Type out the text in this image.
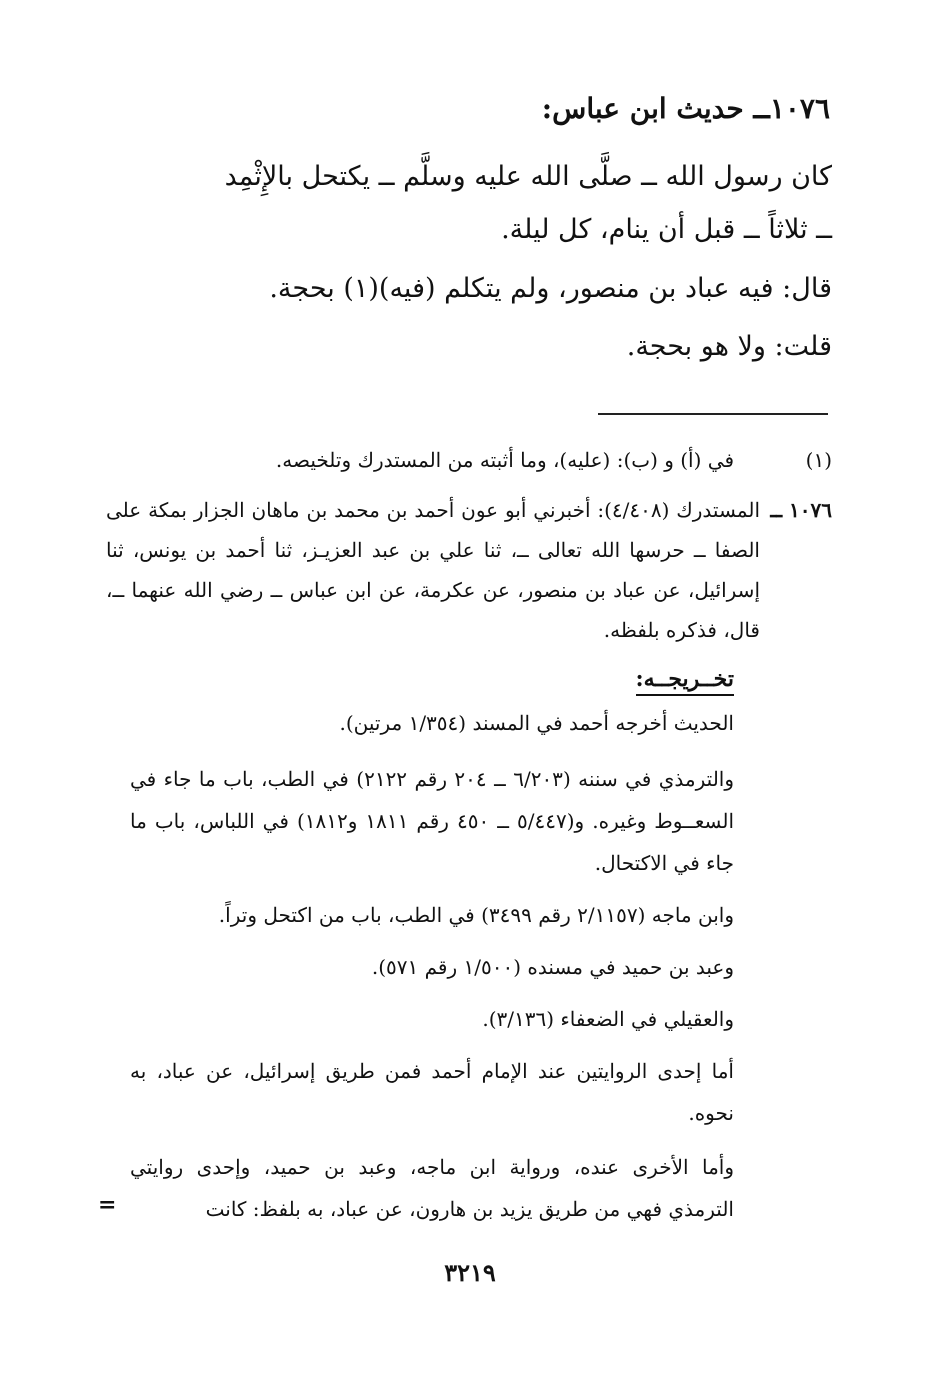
١٠٧٦ــ حديث ابن عباس:
كان رسول الله ــ صلَّى الله عليه وسلَّم ــ يكتحل بالإِثْمِد
ــ ثلاثاً ــ قبل أن ينام، كل ليلة.
قال: فيه عباد بن منصور، ولم يتكلم (فيه)(١) بحجة.
قلت: ولا هو بحجة.
(١)
في (أ) و (ب): (عليه)، وما أثبته من المستدرك وتلخيصه.
١٠٧٦ ــ
المستدرك (٤/٤٠٨): أخبرني أبو عون أحمد بن محمد بن ماهان الجزار بمكة على الصفا ــ حرسها الله تعالى ــ، ثنا علي بن عبد العزيـز، ثنا أحمد بن يونس، ثنا إسرائيل، عن عباد بن منصور، عن عكرمة، عن ابن عباس ــ رضي الله عنهما ــ، قال، فذكره بلفظه.
تخــريجــه:
الحديث أخرجه أحمد في المسند (١/٣٥٤ مرتين).
والترمذي في سننه (٦/٢٠٣ ــ ٢٠٤ رقم ٢١٢٢) في الطب، باب ما جاء في السعــوط وغيره. و(٥/٤٤٧ ــ ٤٥٠ رقم ١٨١١ و١٨١٢) في اللباس، باب ما جاء في الاكتحال.
وابن ماجه (٢/١١٥٧ رقم ٣٤٩٩) في الطب، باب من اكتحل وتراً.
وعبد بن حميد في مسنده (١/٥٠٠ رقم ٥٧١).
والعقيلي في الضعفاء (٣/١٣٦).
أما إحدى الروايتين عند الإمام أحمد فمن طريق إسرائيل، عن عباد، به نحوه.
وأما الأخرى عنده، ورواية ابن ماجه، وعبد بن حميد، وإحدى روايتي الترمذي فهي من طريق يزيد بن هارون، عن عباد، به بلفظ: كانت
=
٣٢١٩
